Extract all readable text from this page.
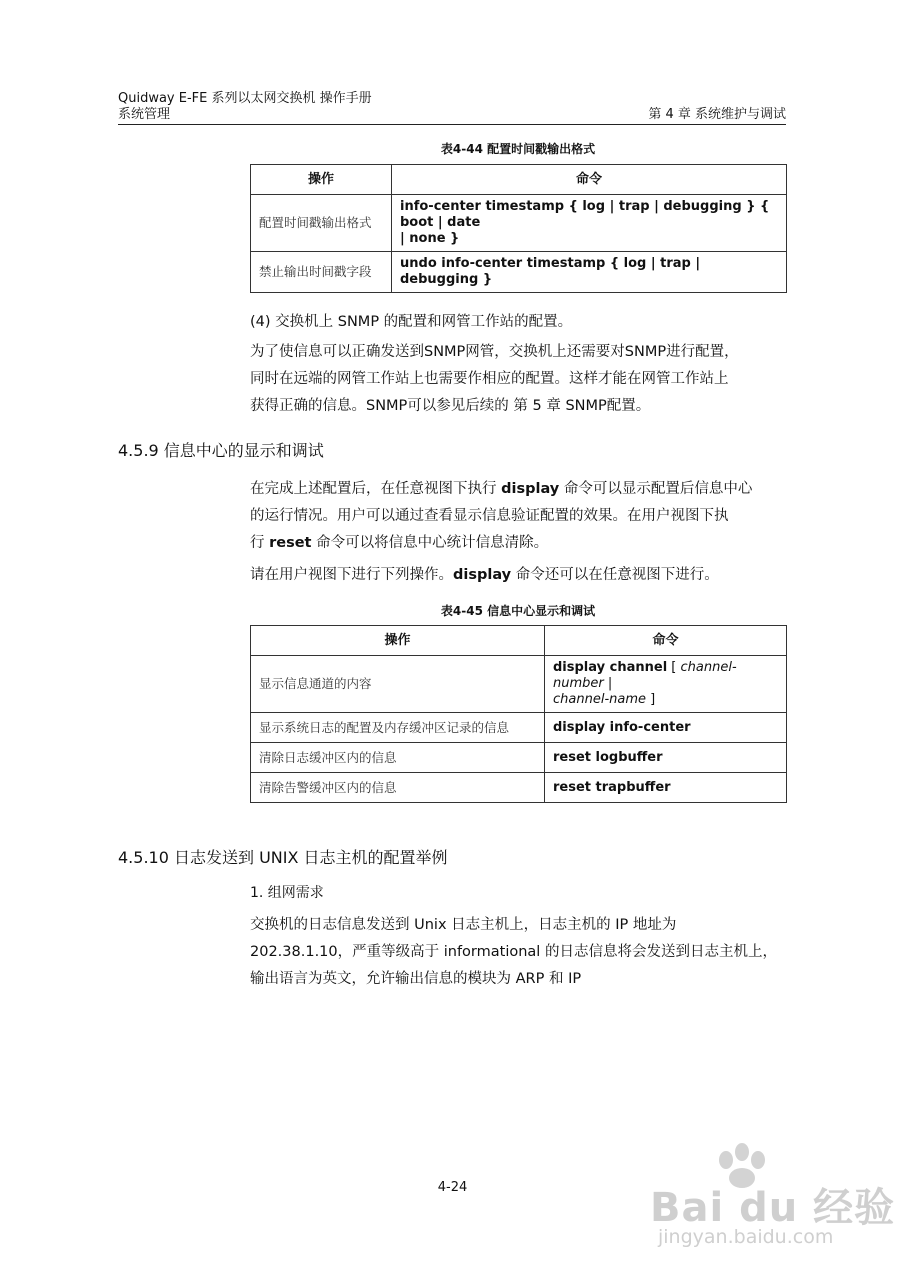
Quidway E-FE 系列以太网交换机 操作手册
系统管理	第 4 章 系统维护与调试
表4-44 配置时间戳输出格式
操作	命令
配置时间戳输出格式	info-center timestamp { log | trap | debugging } { boot | date
| none }

禁止输出时间戳字段	undo info-center timestamp { log | trap | debugging }
(4) 交换机上 SNMP 的配置和网管工作站的配置。
为了使信息可以正确发送到SNMP网管，交换机上还需要对SNMP进行配置，
同时在远端的网管工作站上也需要作相应的配置。这样才能在网管工作站上
获得正确的信息。SNMP可以参见后续的 第 5 章 SNMP配置。
4.5.9 信息中心的显示和调试
在完成上述配置后，在任意视图下执行 display 命令可以显示配置后信息中心
的运行情况。用户可以通过查看显示信息验证配置的效果。在用户视图下执
行 reset 命令可以将信息中心统计信息清除。
请在用户视图下进行下列操作。display 命令还可以在任意视图下进行。
表4-45 信息中心显示和调试
操作	命令
显示信息通道的内容	display channel [ channel-number |
channel-name ]
显示系统日志的配置及内存缓冲区记录的信息	display info-center
清除日志缓冲区内的信息	reset logbuffer
清除告警缓冲区内的信息	reset trapbuffer
4.5.10 日志发送到 UNIX 日志主机的配置举例
1. 组网需求
交换机的日志信息发送到 Unix 日志主机上，日志主机的 IP 地址为
202.38.1.10，严重等级高于 informational 的日志信息将会发送到日志主机上，
输出语言为英文，允许输出信息的模块为 ARP 和 IP
4-24	Bai du 经验
jingyan.baidu.com
